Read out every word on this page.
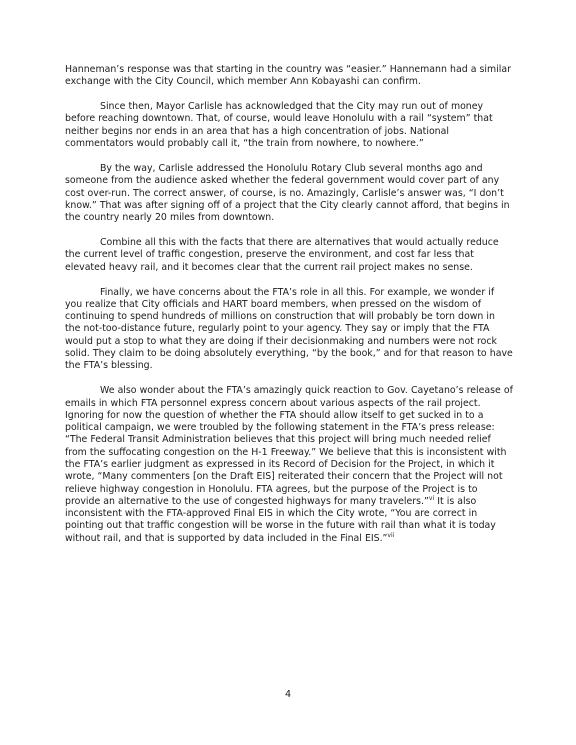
Hanneman’s response was that starting in the country was “easier.” Hannemann had a similar exchange with the City Council, which member Ann Kobayashi can confirm.

Since then, Mayor Carlisle has acknowledged that the City may run out of money before reaching downtown. That, of course, would leave Honolulu with a rail “system” that neither begins nor ends in an area that has a high concentration of jobs. National commentators would probably call it, “the train from nowhere, to nowhere.”

By the way, Carlisle addressed the Honolulu Rotary Club several months ago and someone from the audience asked whether the federal government would cover part of any cost over-run. The correct answer, of course, is no. Amazingly, Carlisle’s answer was, “I don’t know.” That was after signing off of a project that the City clearly cannot afford, that begins in the country nearly 20 miles from downtown.

Combine all this with the facts that there are alternatives that would actually reduce the current level of traffic congestion, preserve the environment, and cost far less that elevated heavy rail, and it becomes clear that the current rail project makes no sense.

Finally, we have concerns about the FTA’s role in all this. For example, we wonder if you realize that City officials and HART board members, when pressed on the wisdom of continuing to spend hundreds of millions on construction that will probably be torn down in the not-too-distance future, regularly point to your agency. They say or imply that the FTA would put a stop to what they are doing if their decisionmaking and numbers were not rock solid. They claim to be doing absolutely everything, “by the book,” and for that reason to have the FTA’s blessing.

We also wonder about the FTA’s amazingly quick reaction to Gov. Cayetano’s release of emails in which FTA personnel express concern about various aspects of the rail project. Ignoring for now the question of whether the FTA should allow itself to get sucked in to a political campaign, we were troubled by the following statement in the FTA’s press release: “The Federal Transit Administration believes that this project will bring much needed relief from the suffocating congestion on the H-1 Freeway.” We believe that this is inconsistent with the FTA’s earlier judgment as expressed in its Record of Decision for the Project, in which it wrote, “Many commenters [on the Draft EIS] reiterated their concern that the Project will not relieve highway congestion in Honolulu. FTA agrees, but the purpose of the Project is to provide an alternative to the use of congested highways for many travelers.”$^{vi}$ It is also inconsistent with the FTA-approved Final EIS in which the City wrote, “You are correct in pointing out that traffic congestion will be worse in the future with rail than what it is today without rail, and that is supported by data included in the Final EIS.”$^{vii}$

4
